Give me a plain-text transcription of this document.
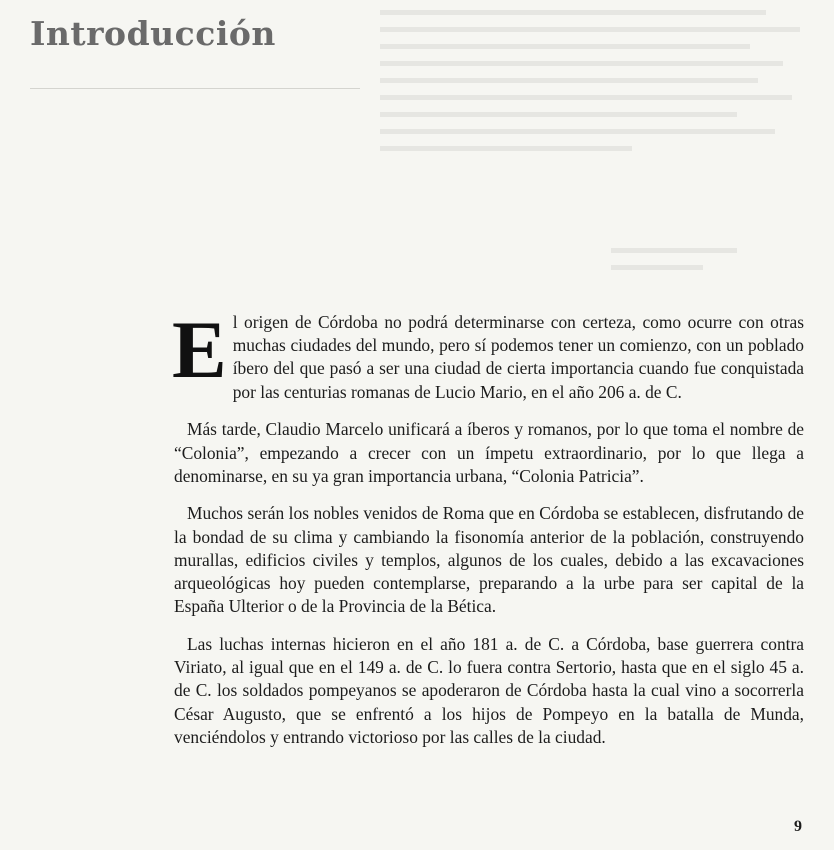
Introducción

El origen de Córdoba no podrá determinarse con certeza, como ocurre con otras muchas ciudades del mundo, pero sí podemos tener un comienzo, con un poblado íbero del que pasó a ser una ciudad de cierta importancia cuando fue conquistada por las centurias romanas de Lucio Mario, en el año 206 a. de C.

Más tarde, Claudio Marcelo unificará a íberos y romanos, por lo que toma el nombre de “Colonia”, empezando a crecer con un ímpetu extraordinario, por lo que llega a denominarse, en su ya gran importancia urbana, “Colonia Patricia”.

Muchos serán los nobles venidos de Roma que en Córdoba se establecen, disfrutando de la bondad de su clima y cambiando la fisonomía anterior de la población, construyendo murallas, edificios civiles y templos, algunos de los cuales, debido a las excavaciones arqueológicas hoy pueden contemplarse, preparando a la urbe para ser capital de la España Ulterior o de la Provincia de la Bética.

Las luchas internas hicieron en el año 181 a. de C. a Córdoba, base guerrera contra Viriato, al igual que en el 149 a. de C. lo fuera contra Sertorio, hasta que en el siglo 45 a. de C. los soldados pompeyanos se apoderaron de Córdoba hasta la cual vino a socorrerla César Augusto, que se enfrentó a los hijos de Pompeyo en la batalla de Munda, venciéndolos y entrando victorioso por las calles de la ciudad.

9
